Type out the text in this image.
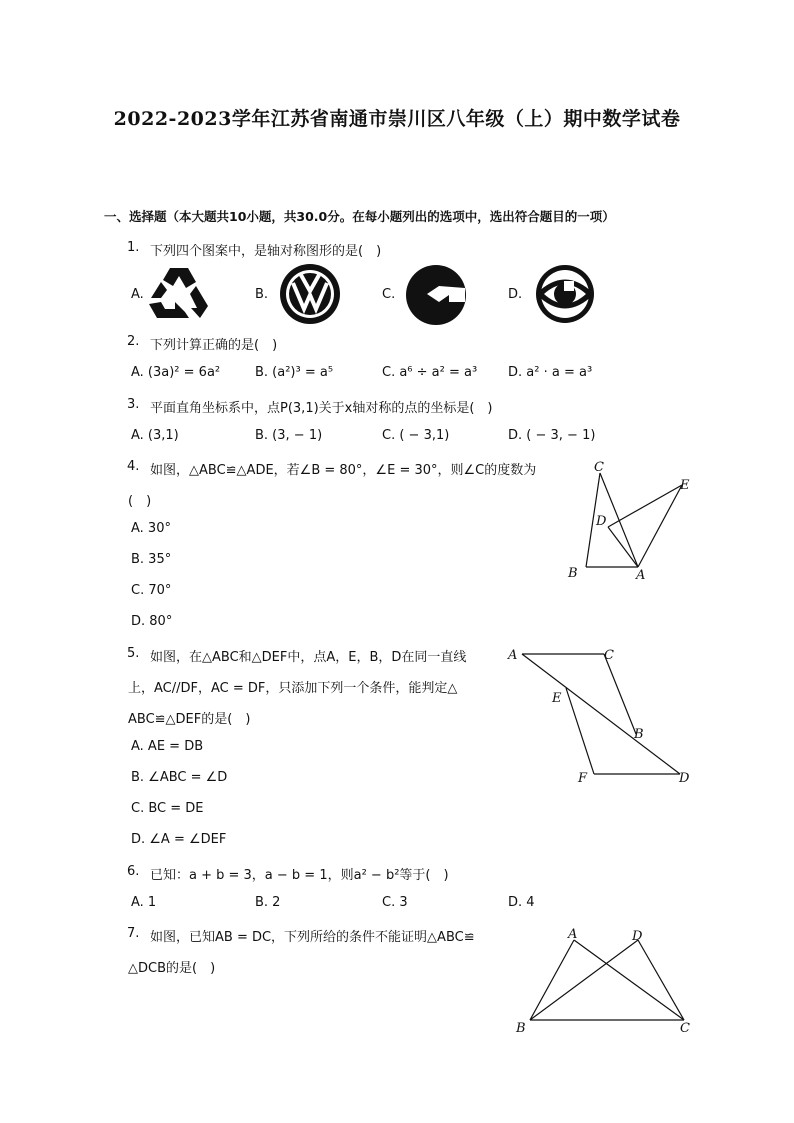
2022-2023学年江苏省南通市崇川区八年级（上）期中数学试卷
一、选择题（本大题共10小题，共30.0分。在每小题列出的选项中，选出符合题目的一项）
1. 下列四个图案中，是轴对称图形的是(　)
A.	B.	C.	D.
2. 下列计算正确的是(　)
A. (3a)² = 6a²	B. (a²)³ = a⁵	C. a⁶ ÷ a² = a³ D. a² · a = a³
3. 平面直角坐标系中，点P(3,1)关于x轴对称的点的坐标是(　)
A. (3,1)	B. (3, − 1)	C. ( − 3,1)	D. ( − 3, − 1)
4. 如图，△ABC≌△ADE，若∠B = 80°，∠E = 30°，则∠C的度数为
(　)
A. 30°
B. 35°
C. 70°
D. 80°
C
E
D
B	A
5. 如图，在△ABC和△DEF中，点A，E，B，D在同一直线
上，AC//DF，AC = DF，只添加下列一个条件，能判定△
ABC≌△DEF的是(　)
A. AE = DB
B. ∠ABC = ∠D
C. BC = DE
D. ∠A = ∠DEF
A	C
E
B
F	D
6. 已知：a + b = 3，a − b = 1，则a² − b²等于(　)
A. 1	B. 2	C. 3	D. 4
7. 如图，已知AB = DC，下列所给的条件不能证明△ABC≌
△DCB的是(　)
A	D
B	C
